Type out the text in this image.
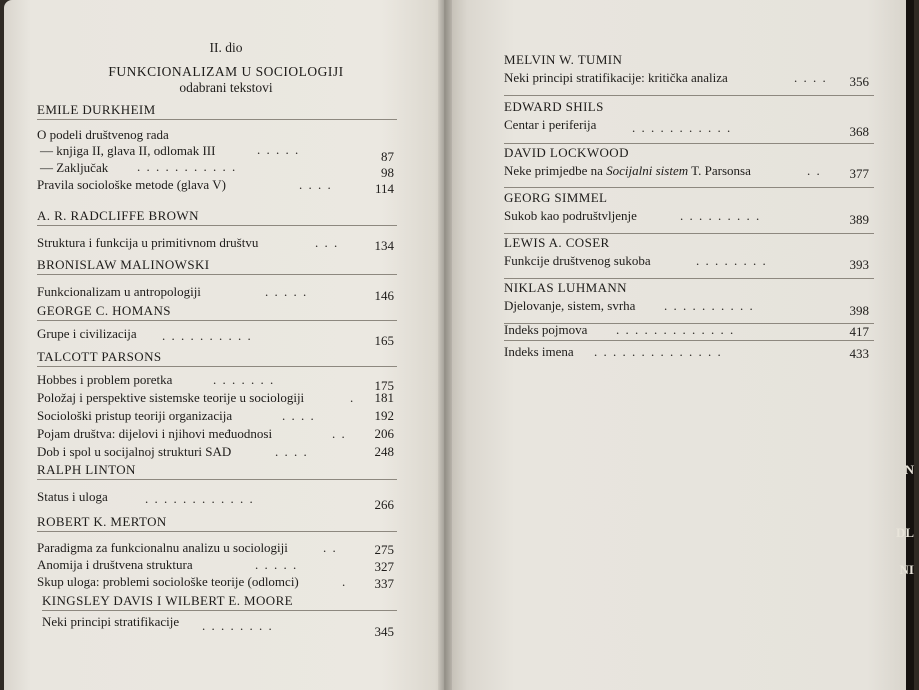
II. dio
FUNKCIONALIZAM U SOCIOLOGIJI
odabrani tekstovi
EMILE DURKHEIM
O podeli društvenog rada
— knjiga II, glava II, odlomak III	. . . . .	87
— Zaključak . . . . . . . . . . .	98
Pravila sociološke metode (glava V)	. . . .	114
A. R. RADCLIFFE BROWN
Struktura i funkcija u primitivnom društvu	. . .	134
BRONISLAW MALINOWSKI
Funkcionalizam u antropologiji	. . . . .	146
GEORGE C. HOMANS
Grupe i civilizacija . . . . . . . . . .	165
TALCOTT PARSONS
Hobbes i problem poretka	. . . . . . .	175
Položaj i perspektive sistemske teorije u sociologiji	.	181
Sociološki pristup teoriji organizacija	. . . .	192
Pojam društva: dijelovi i njihovi međuodnosi	. .	206
Dob i spol u socijalnoj strukturi SAD	. . . .	248
RALPH LINTON
Status i uloga	. . . . . . . . . . . .	266
ROBERT K. MERTON
Paradigma za funkcionalnu analizu u sociologiji	. .	275
Anomija i društvena struktura	. . . . .	327
Skup uloga: problemi sociološke teorije (odlomci)	.	337
KINGSLEY DAVIS I WILBERT E. MOORE
Neki principi stratifikacije . . . . . . . .	345
MELVIN W. TUMIN
Neki principi stratifikacije: kritička analiza	. . . .	356
EDWARD SHILS
Centar i periferija	. . . . . . . . . . .	368
DAVID LOCKWOOD
Neke primjedbe na Socijalni sistem T. Parsonsa	. .	377
GEORG SIMMEL
Sukob kao podruštvljenje	. . . . . . . . .	389
LEWIS A. COSER
Funkcije društvenog sukoba	. . . . . . . .	393
NIKLAS LUHMANN
Djelovanje, sistem, svrha . . . . . . . . . .	398
Indeks pojmova . . . . . . . . . . . . .	417
Indeks imena . . . . . . . . . . . . . .	433
N
DL
NI
